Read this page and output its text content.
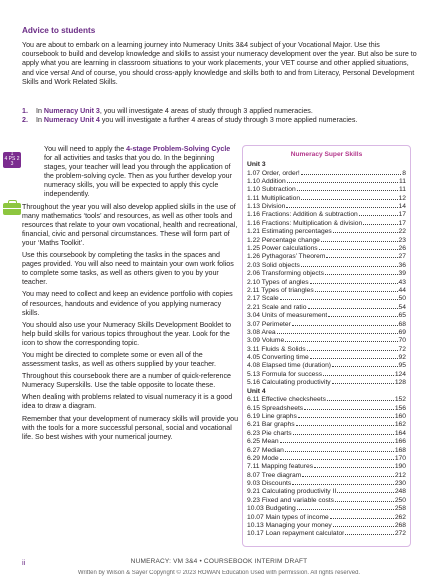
Advice to students
You are about to embark on a learning journey into Numeracy Units 3&4 subject of your Vocational Major. Use this coursebook to build and develop knowledge and skills to assist your numeracy development over the year. But also be sure to apply what you are learning in classroom situations to your work placements, your VET course and other applied situations, and vice versa! And of course, you should cross-apply knowledge and skills both to and from Literacy, Personal Development Skills and Work Related Skills.
1. In Numeracy Unit 3, you will investigate 4 areas of study through 3 applied numeracies.
2. In Numeracy Unit 4 you will investigate a further 4 areas of study through 3 more applied numeracies.
1
4 PS 2
3

You will need to apply the 4-stage Problem-Solving Cycle for all activities and tasks that you do. In the beginning stages, your teacher will lead you through the application of the problem-solving cycle. Then as you further develop your numeracy skills, you will be expected to apply this cycle independently.

Throughout the year you will also develop applied skills in the use of many mathematics ‘tools’ and resources, as well as other tools and resources that relate to your own vocational, health and recreational, financial, civic and personal circumstances. These will form part of your ‘Maths Toolkit’.

Use this coursebook by completing the tasks in the spaces and pages provided. You will also need to maintain your own work folios to complete some tasks, as well as others given to you by your teacher.

You may need to collect and keep an evidence portfolio with copies of resources, handouts and evidence of you applying numeracy skills.

You should also use your Numeracy Skills Development Booklet to help build skills for various topics throughout the year. Look for the icon to show the corresponding topic.

You might be directed to complete some or even all of the assessment tasks, as well as others supplied by your teacher.

Throughout this coursebook there are a number of quick-reference Numeracy Superskills. Use the table opposite to locate these.

When dealing with problems related to visual numeracy it is a good idea to draw a diagram.

Remember that your development of numeracy skills will provide you with the tools for a more successful personal, social and vocational life. So best wishes with your numerical journey.

Numeracy Super Skills
Unit 3
1.07 Order, order!	8
1.10 Addition	11
1.10 Subtraction	11
1.11 Multiplication	12
1.13 Division	14
1.16 Fractions: Addition & subtraction	17
1.16 Fractions: Multiplication & division	17
1.21 Estimating percentages	22
1.22 Percentage change	23
1.25 Power calculations	26
1.26 Pythagoras’ Theorem	27
2.03 Solid objects	36
2.06 Transforming objects	39
2.10 Types of angles	43
2.11 Types of triangles	44
2.17 Scale	50
2.21 Scale and ratio	54
3.04 Units of measurement	65
3.07 Perimeter	68
3.08 Area	69
3.09 Volume	70
3.11 Fluids & Solids	72
4.05 Converting time	92
4.08 Elapsed time (duration)	95
5.13 Formula for success	124
5.16 Calculating productivity	128
Unit 4
6.11 Effective checksheets	152
6.15 Spreadsheets	156
6.19 Line graphs	160
6.21 Bar graphs	162
6.23 Pie charts	164
6.25 Mean	166
6.27 Median	168
6.29 Mode	170
7.11 Mapping features	190
8.07 Tree diagram	212
9.03 Discounts	230
9.21 Calculating productivity II	248
9.23 Fixed and variable costs	250
10.03 Budgeting	258
10.07 Main types of income	262
10.13 Managing your money	268
10.17 Loan repayment calculator	272
ii	NUMERACY: VM 3&4 • COURSEBOOK INTERIM DRAFT
Written by Wilson & Sayer Copyright © 2023 ROWAN Education Used with permission. All rights reserved.
